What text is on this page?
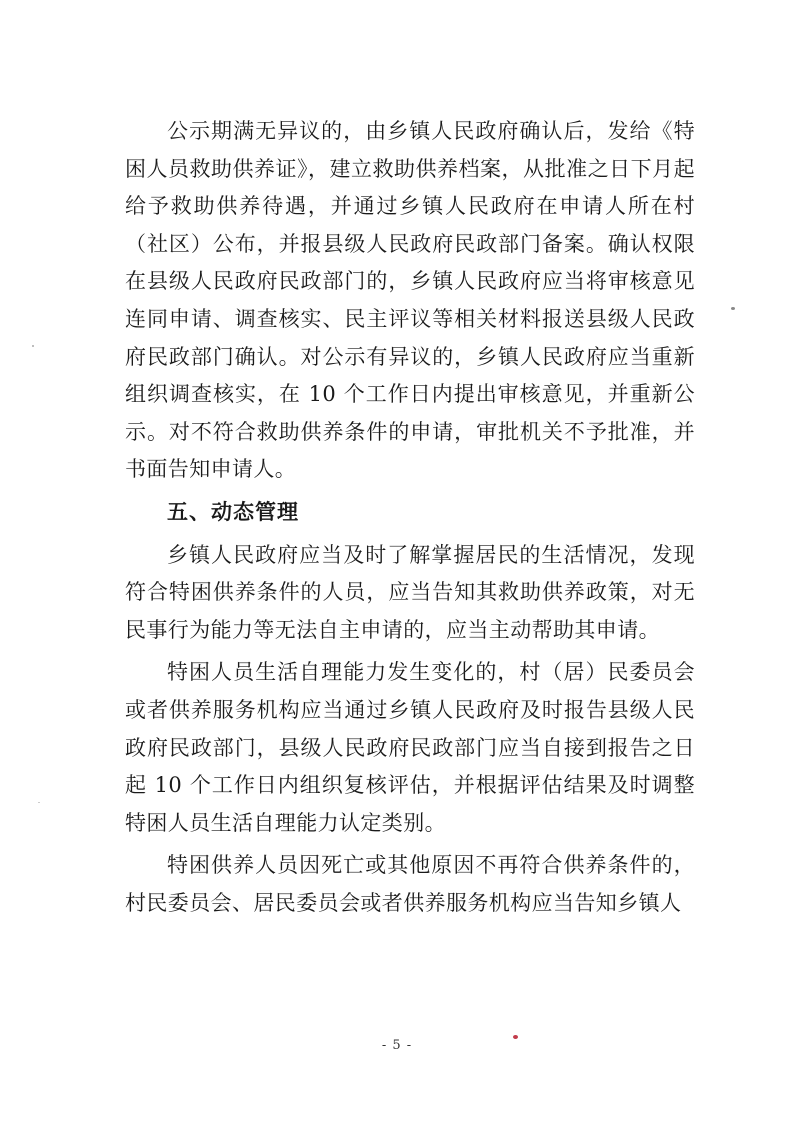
公示期满无异议的，由乡镇人民政府确认后，发给《特困人员救助供养证》，建立救助供养档案，从批准之日下月起给予救助供养待遇，并通过乡镇人民政府在申请人所在村（社区）公布，并报县级人民政府民政部门备案。确认权限在县级人民政府民政部门的，乡镇人民政府应当将审核意见连同申请、调查核实、民主评议等相关材料报送县级人民政府民政部门确认。对公示有异议的，乡镇人民政府应当重新组织调查核实，在 10 个工作日内提出审核意见，并重新公示。对不符合救助供养条件的申请，审批机关不予批准，并书面告知申请人。

五、动态管理

乡镇人民政府应当及时了解掌握居民的生活情况，发现符合特困供养条件的人员，应当告知其救助供养政策，对无民事行为能力等无法自主申请的，应当主动帮助其申请。

特困人员生活自理能力发生变化的，村（居）民委员会或者供养服务机构应当通过乡镇人民政府及时报告县级人民政府民政部门，县级人民政府民政部门应当自接到报告之日起 10 个工作日内组织复核评估，并根据评估结果及时调整特困人员生活自理能力认定类别。

特困供养人员因死亡或其他原因不再符合供养条件的，村民委员会、居民委员会或者供养服务机构应当告知乡镇人

- 5 -
